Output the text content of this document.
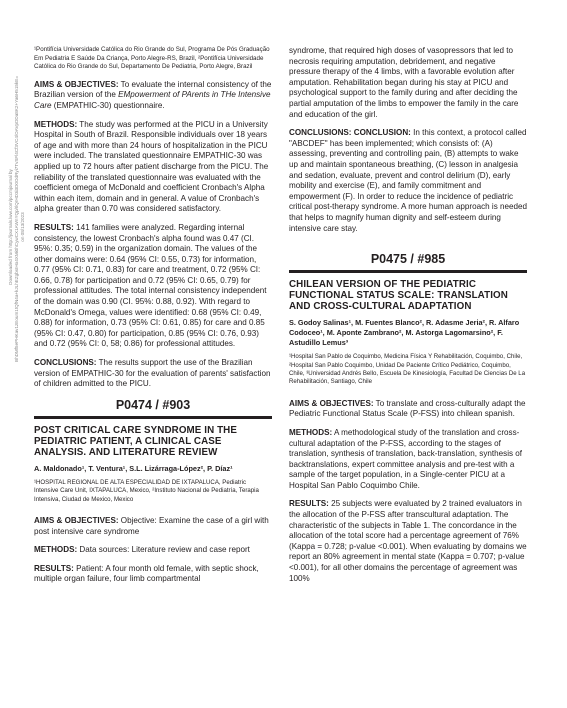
Downloaded from http://journals.lww.com/pccmjournal by BhDMf5ePHKav1zEoum1tQfN4a+kJLhEZgbsIHo4XMi0hCywCX1AWnYQp/IlQrHD3i3D0OdRyi7TvSFl4Cf3VC4/OAVpDDa8K2+Ya6H515kE= on 08/13/2023

¹Pontifícia Universidade Católica do Rio Grande do Sul, Programa De Pós Graduação Em Pediatria E Saúde Da Criança, Porto Alegre-RS, Brazil, ²Pontifícia Universidade Católica do Rio Grande do Sul, Departamento De Pediatria, Porto Alegre, Brazil

AIMS & OBJECTIVES: To evaluate the internal consistency of the Brazilian version of the EMpowerment of PArents in THe Intensive Care (EMPATHIC-30) questionnaire.

METHODS: The study was performed at the PICU in a University Hospital in South of Brazil. Responsible individuals over 18 years of age and with more than 24 hours of hospitalization in the PICU were included. The translated questionnaire EMPATHIC-30 was applied up to 72 hours after patient discharge from the PICU. The reliability of the translated questionnaire was evaluated with the coefficient omega of McDonald and coefficient Cronbach's Alpha within each item, domain and in general. A value of Cronbach's alpha greater than 0.70 was considered satisfactory.

RESULTS: 141 families were analyzed. Regarding internal consistency, the lowest Cronbach's alpha found was 0.47 (CI. 95%: 0.35; 0.59) in the organization domain. The values of the other domains were: 0.64 (95% CI: 0.55, 0.73) for information, 0.77 (95% CI: 0.71, 0.83) for care and treatment, 0.72 (95% CI: 0.66, 0.78) for participation and 0.72 (95% CI: 0.65, 0.79) for professional attitudes. The total internal consistency independent of the domain was 0.90 (CI. 95%: 0.88, 0.92). With regard to McDonald's Omega, values were identified: 0.68 (95% CI: 0.49, 0.88) for information, 0.73 (95% CI: 0.61, 0.85) for care and 0.85 (95% CI: 0.47, 0.80) for participation, 0.85 (95% CI: 0.76, 0.93) and 0.72 (95% CI: 0, 58; 0.86) for professional attitudes.

CONCLUSIONS: The results support the use of the Brazilian version of EMPATHIC-30 for the evaluation of parents' satisfaction of children admitted to the PICU.

P0474 / #903
POST CRITICAL CARE SYNDROME IN THE PEDIATRIC PATIENT, A CLINICAL CASE ANALYSIS. AND LITERATURE REVIEW
A. Maldonado¹, T. Ventura¹, S.L. Lizárraga-López², P. Díaz¹
¹HOSPITAL REGIONAL DE ALTA ESPECIALIDAD DE IXTAPALUCA, Pediatric Intensive Care Unit, IXTAPALUCA, Mexico, ²Instituto Nacional de Pediatría, Terapia Intensiva, Ciudad de Mexico, Mexico

AIMS & OBJECTIVES: Objective: Examine the case of a girl with post intensive care syndrome

METHODS: Data sources: Literature review and case report

RESULTS: Patient: A four month old female, with septic shock, multiple organ failure, four limb compartmental

syndrome, that required high doses of vasopressors that led to necrosis requiring amputation, debridement, and negative pressure therapy of the 4 limbs, with a favorable evolution after amputation. Rehabilitation began during his stay at PICU and psychological support to the family during and after deciding the partial amputation of the limbs to empower the family in the care and education of the girl.

CONCLUSIONS: CONCLUSION: In this context, a protocol called "ABCDEF" has been implemented; which consists of: (A) assessing, preventing and controlling pain, (B) attempts to wake up and maintain spontaneous breathing, (C) lesson in analgesia and sedation, evaluate, prevent and control delirium (D), early mobility and exercise (E), and family commitment and empowerment (F). In order to reduce the incidence of pediatric critical post-therapy syndrome. A more human approach is needed that helps to magnify human dignity and self-esteem during intensive care stay.

P0475 / #985
CHILEAN VERSION OF THE PEDIATRIC FUNCTIONAL STATUS SCALE: TRANSLATION AND CROSS-CULTURAL ADAPTATION
S. Godoy Salinas¹, M. Fuentes Blanco², R. Adasme Jeria², R. Alfaro Codoceo¹, M. Aponte Zambrano², M. Astorga Lagomarsino², F. Astudillo Lemus³
¹Hospital San Pablo de Coquimbo, Medicina Física Y Rehabilitación, Coquimbo, Chile, ²Hospital San Pablo Coquimbo, Unidad De Paciente Crítico Pediátrico, Coquimbo, Chile, ³Universidad Andrés Bello, Escuela De Kinesiología, Facultad De Ciencias De La Rehabilitación, Santiago, Chile

AIMS & OBJECTIVES: To translate and cross-culturally adapt the Pediatric Functional Status Scale (P-FSS) into chilean spanish.

METHODS: A methodological study of the translation and cross-cultural adaptation of the P-FSS, according to the stages of translation, synthesis of translation, back-translation, synthesis of backtranslations, expert committee analysis and pre-test with a sample of the target population, in a Single-center PICU at a Hospital San Pablo Coquimbo Chile.

RESULTS: 25 subjects were evaluated by 2 trained evaluators in the allocation of the P-FSS after transcultural adaptation. The characteristic of the subjects in Table 1. The concordance in the allocation of the total score had a percentage agreement of 76% (Kappa = 0.728; p-value <0.001). When evaluating by domains we report an 80% agreement in mental state (Kappa = 0.707; p-value <0.001), for all other domains the percentage of agreement was 100%
